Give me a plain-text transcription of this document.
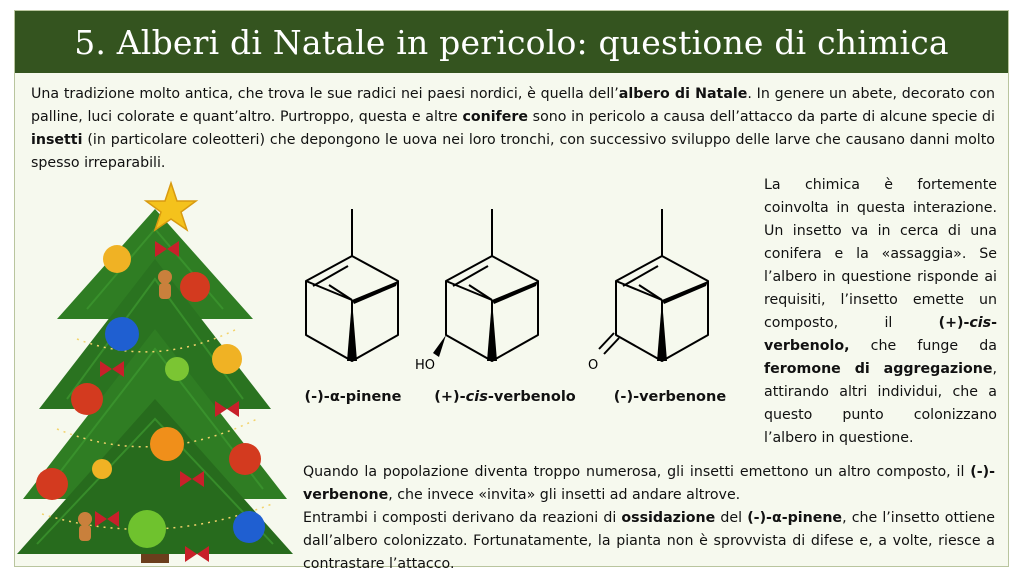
5. Alberi di Natale in pericolo: questione di chimica
Una tradizione molto antica, che trova le sue radici nei paesi nordici, è quella dell’albero di Natale. In genere un abete, decorato con palline, luci colorate e quant’altro. Purtroppo, questa e altre conifere sono in pericolo a causa dell’attacco da parte di alcune specie di insetti (in particolare coleotteri) che depongono le uova nei loro tronchi, con successivo sviluppo delle larve che causano danni molto spesso irreparabili.
La chimica è fortemente coinvolta in questa interazione. Un insetto va in cerca di una conifera e la «assaggia». Se l’albero in questione risponde ai requisiti, l’insetto emette un composto, il (+)-cis-verbenolo, che funge da feromone di aggregazione, attirando altri individui, che a questo punto colonizzano l’albero in questione.
Quando la popolazione diventa troppo numerosa, gli insetti emettono un altro composto, il (-)-verbenone, che invece «invita» gli insetti ad andare altrove.
Entrambi i composti derivano da reazioni di ossidazione del (-)-α-pinene, che l’insetto ottiene dall’albero colonizzato. Fortunatamente, la pianta non è sprovvista di difese e, a volte, riesce a contrastare l’attacco.
(-)-α-pinene
HO
(+)-cis-verbenolo
O
(-)-verbenone
